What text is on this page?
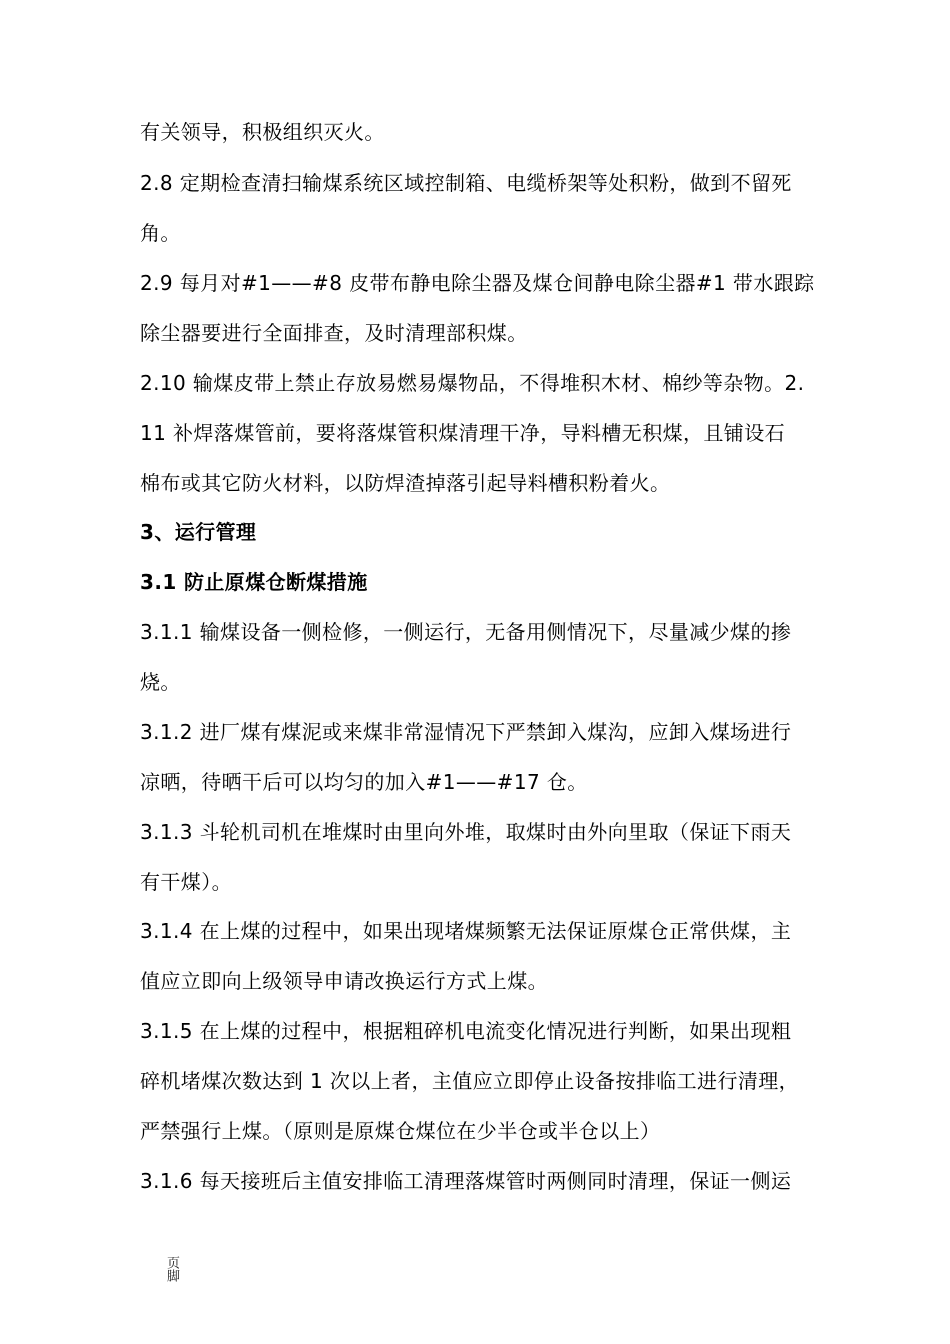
有关领导，积极组织灭火。
2.8 定期检查清扫输煤系统区域控制箱、电缆桥架等处积粉，做到不留死
角。
2.9 每月对#1——#8 皮带布静电除尘器及煤仓间静电除尘器#1 带水跟踪
除尘器要进行全面排查，及时清理部积煤。
2.10 输煤皮带上禁止存放易燃易爆物品，不得堆积木材、棉纱等杂物。2.
11 补焊落煤管前，要将落煤管积煤清理干净，导料槽无积煤，且铺设石
棉布或其它防火材料，以防焊渣掉落引起导料槽积粉着火。
3、运行管理
3.1 防止原煤仓断煤措施
3.1.1 输煤设备一侧检修，一侧运行，无备用侧情况下，尽量减少煤的掺
烧。
3.1.2 进厂煤有煤泥或来煤非常湿情况下严禁卸入煤沟，应卸入煤场进行
凉晒，待晒干后可以均匀的加入#1——#17 仓。
3.1.3 斗轮机司机在堆煤时由里向外堆，取煤时由外向里取（保证下雨天
有干煤）。
3.1.4 在上煤的过程中，如果出现堵煤频繁无法保证原煤仓正常供煤，主
值应立即向上级领导申请改换运行方式上煤。
3.1.5 在上煤的过程中，根据粗碎机电流变化情况进行判断，如果出现粗
碎机堵煤次数达到 1 次以上者，主值应立即停止设备按排临工进行清理，
严禁强行上煤。（原则是原煤仓煤位在少半仓或半仓以上）
3.1.6 每天接班后主值安排临工清理落煤管时两侧同时清理，保证一侧运
页脚
